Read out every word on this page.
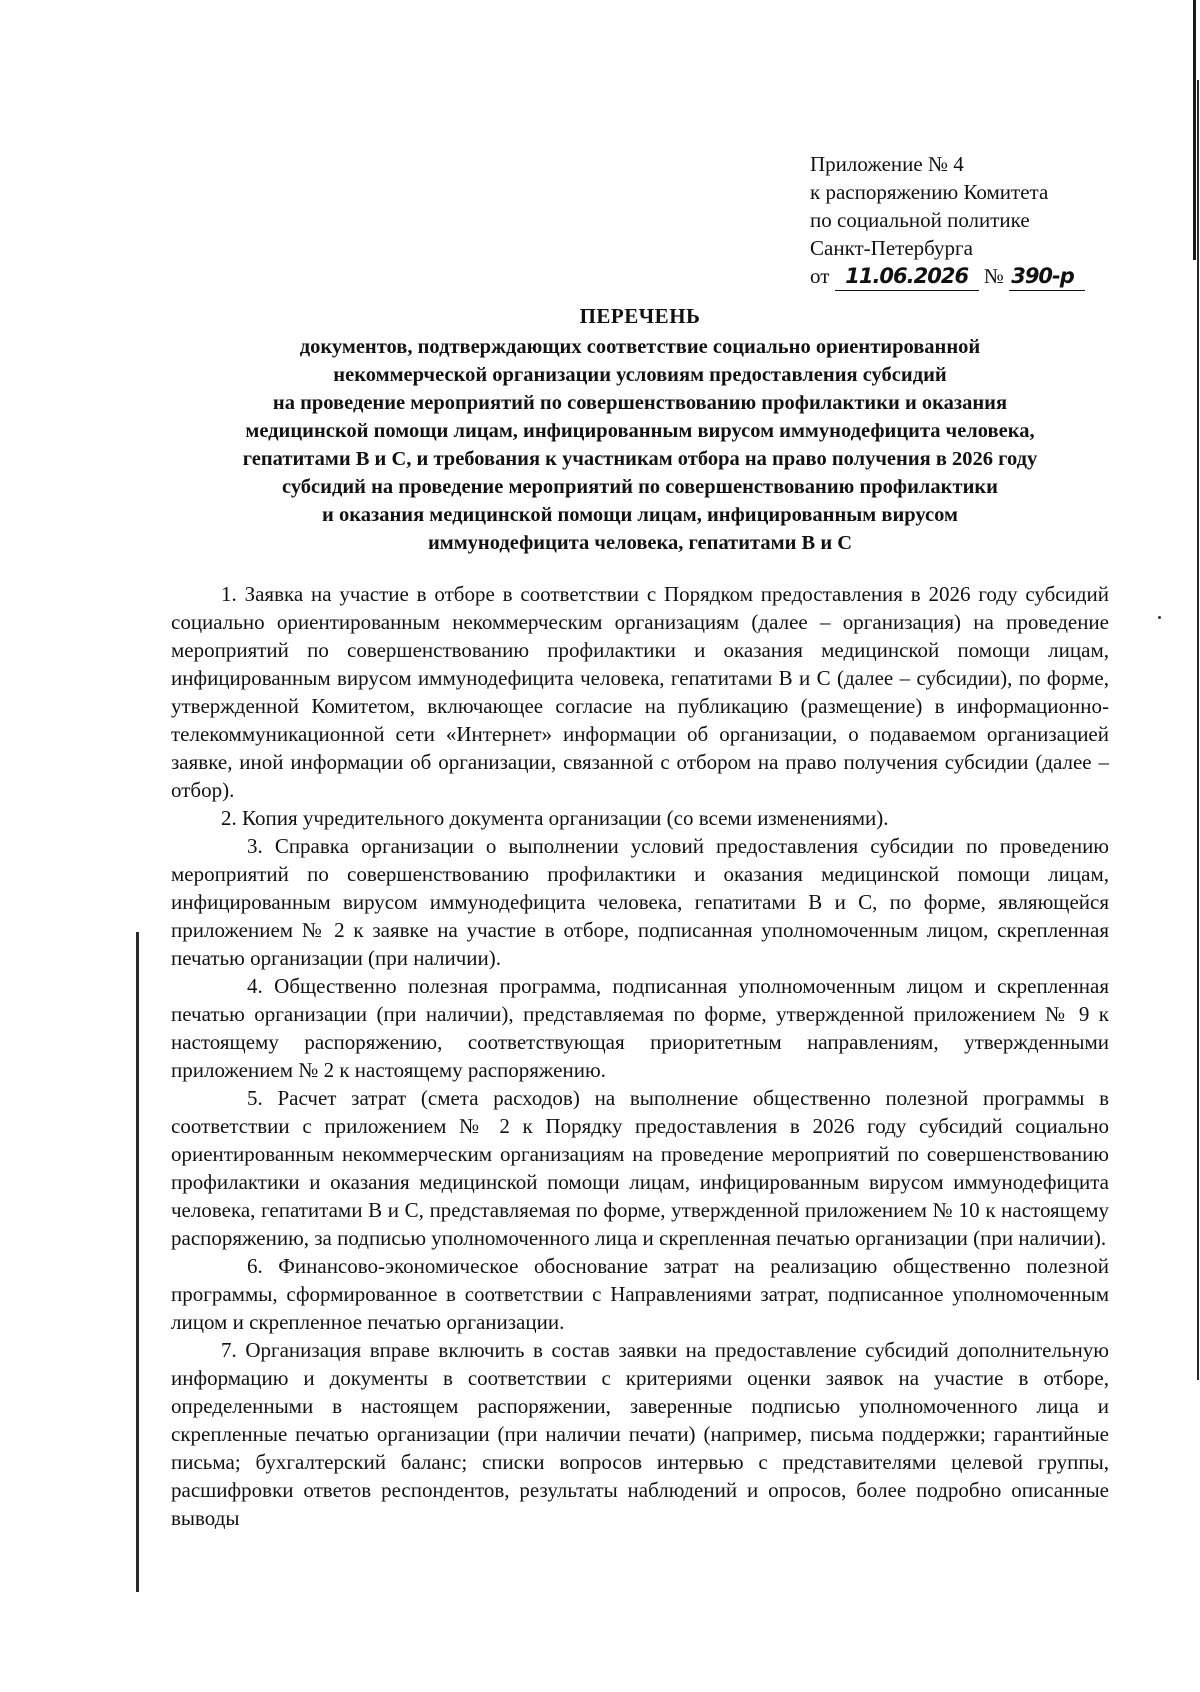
Приложение № 4
к распоряжению Комитета
по социальной политике
Санкт-Петербурга
от 11.06.2026 № 390-р
ПЕРЕЧЕНЬ
документов, подтверждающих соответствие социально ориентированной
некоммерческой организации условиям предоставления субсидий
на проведение мероприятий по совершенствованию профилактики и оказания
медицинской помощи лицам, инфицированным вирусом иммунодефицита человека,
гепатитами В и С, и требования к участникам отбора на право получения в 2026 году
субсидий на проведение мероприятий по совершенствованию профилактики
и оказания медицинской помощи лицам, инфицированным вирусом
иммунодефицита человека, гепатитами В и С

1. Заявка на участие в отборе в соответствии с Порядком предоставления в 2026 году субсидий социально ориентированным некоммерческим организациям (далее – организация) на проведение мероприятий по совершенствованию профилактики и оказания медицинской помощи лицам, инфицированным вирусом иммунодефицита человека, гепатитами В и С (далее – субсидии), по форме, утвержденной Комитетом, включающее согласие на публикацию (размещение) в информационно-телекоммуникационной сети «Интернет» информации об организации, о подаваемом организацией заявке, иной информации об организации, связанной с отбором на право получения субсидии (далее – отбор).

2. Копия учредительного документа организации (со всеми изменениями).

3. Справка организации о выполнении условий предоставления субсидии по проведению мероприятий по совершенствованию профилактики и оказания медицинской помощи лицам, инфицированным вирусом иммунодефицита человека, гепатитами В и С, по форме, являющейся приложением № 2 к заявке на участие в отборе, подписанная уполномоченным лицом, скрепленная печатью организации (при наличии).

4. Общественно полезная программа, подписанная уполномоченным лицом и скрепленная печатью организации (при наличии), представляемая по форме, утвержденной приложением № 9 к настоящему распоряжению, соответствующая приоритетным направлениям, утвержденными приложением № 2 к настоящему распоряжению.

5. Расчет затрат (смета расходов) на выполнение общественно полезной программы в соответствии с приложением № 2 к Порядку предоставления в 2026 году субсидий социально ориентированным некоммерческим организациям на проведение мероприятий по совершенствованию профилактики и оказания медицинской помощи лицам, инфицированным вирусом иммунодефицита человека, гепатитами В и С, представляемая по форме, утвержденной приложением № 10 к настоящему распоряжению, за подписью уполномоченного лица и скрепленная печатью организации (при наличии).

6. Финансово-экономическое обоснование затрат на реализацию общественно полезной программы, сформированное в соответствии с Направлениями затрат, подписанное уполномоченным лицом и скрепленное печатью организации.

7. Организация вправе включить в состав заявки на предоставление субсидий дополнительную информацию и документы в соответствии с критериями оценки заявок на участие в отборе, определенными в настоящем распоряжении, заверенные подписью уполномоченного лица и скрепленные печатью организации (при наличии печати) (например, письма поддержки; гарантийные письма; бухгалтерский баланс; списки вопросов интервью с представителями целевой группы, расшифровки ответов респондентов, результаты наблюдений и опросов, более подробно описанные выводы
